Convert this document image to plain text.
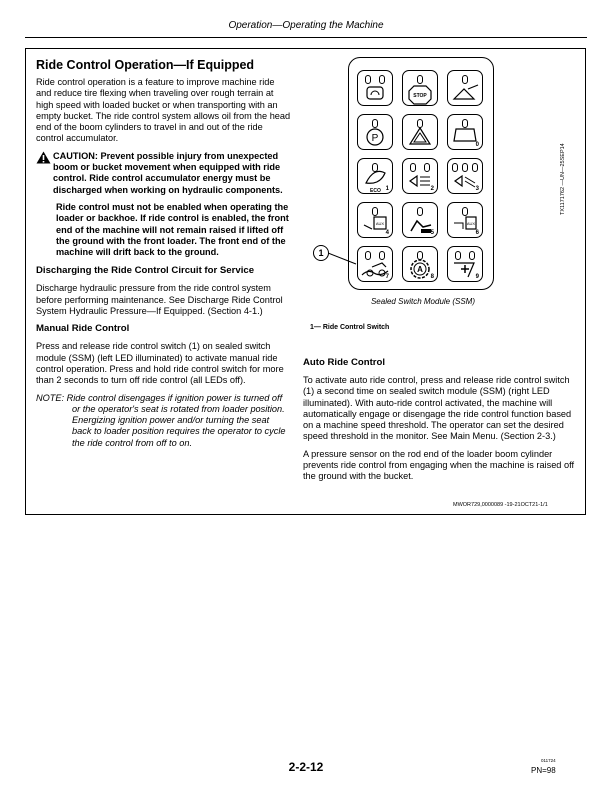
Operation—Operating the Machine
Ride Control Operation—If Equipped

Ride control operation is a feature to improve machine ride and reduce tire flexing when traveling over rough terrain at high speed with loaded bucket or when transporting with an empty bucket. The ride control system allows oil from the head end of the boom cylinders to travel in and out of the ride control accumulator.

CAUTION: Prevent possible injury from unexpected boom or bucket movement when equipped with ride control. Ride control accumulator energy must be discharged when working on hydraulic components.

Ride control must not be enabled when operating the loader or backhoe. If ride control is enabled, the front end of the machine will not remain raised if lifted off the ground with the front loader. The front end of the machine will drift back to the ground.

Discharging the Ride Control Circuit for Service

Discharge hydraulic pressure from the ride control system before performing maintenance. See Discharge Ride Control System Hydraulic Pressure—If Equipped. (Section 4-1.)

Manual Ride Control

Press and release ride control switch (1) on sealed switch module (SSM) (left LED illuminated) to activate manual ride control operation. Press and hold ride control switch for more than 2 seconds to turn off ride control (all LEDs off).

NOTE: Ride control disengages if ignition power is turned off or the operator's seat is rotated from loader position. Energizing ignition power and/or turning the seat back to loader position requires the operator to cycle the ride control from off to on.

STOP
P
0
ECO 1	2	3
AUX
4	5
AUX
6
7
A
8	9
1
TX1171762 —UN—25SEP14
Sealed Switch Module (SSM)
1— Ride Control Switch
Auto Ride Control

To activate auto ride control, press and release ride control switch (1) a second time on sealed switch module (SSM) (right LED illuminated). With auto-ride control activated, the machine will automatically engage or disengage the ride control function based on a machine speed threshold. The operator can set the desired speed threshold in the monitor. See Main Menu. (Section 2-3.)

A pressure sensor on the rod end of the loader boom cylinder prevents ride control from engaging when the machine is raised off the ground with the bucket.

MWOR729,0000089 -19-21OCT21-1/1
2-2-12	011724
PN=98
